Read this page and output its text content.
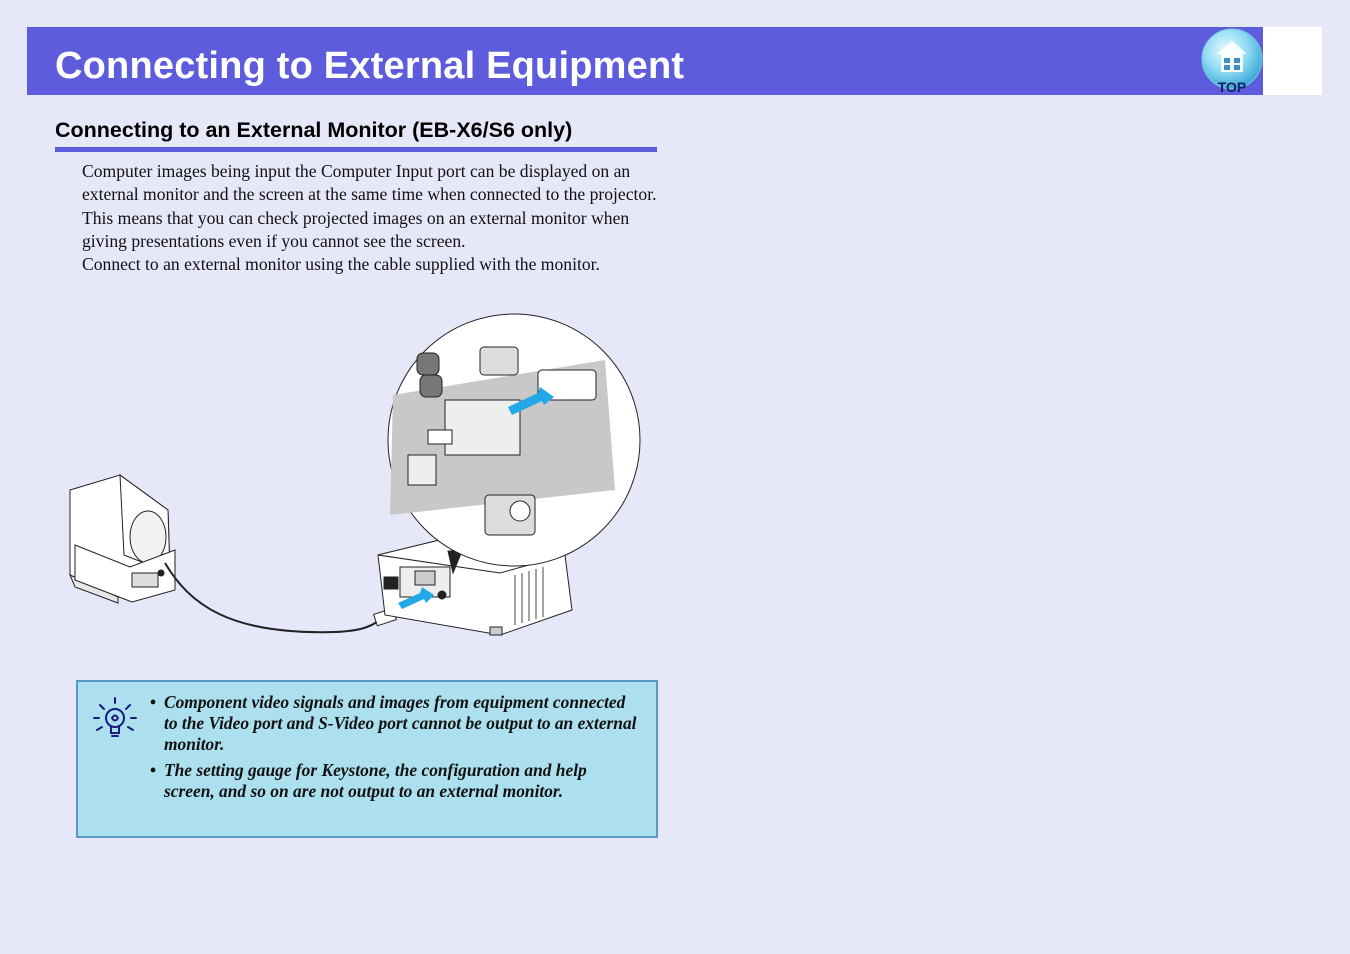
Connecting to External Equipment	TOP
Connecting to an External Monitor (EB-X6/S6 only)

Computer images being input the Computer Input port can be displayed on an external monitor and the screen at the same time when connected to the projector. This means that you can check projected images on an external monitor when giving presentations even if you cannot see the screen.

Connect to an external monitor using the cable supplied with the monitor.

• Component video signals and images from equipment connected to the Video port and S-Video port cannot be output to an external monitor.
• The setting gauge for Keystone, the configuration and help screen, and so on are not output to an external monitor.
